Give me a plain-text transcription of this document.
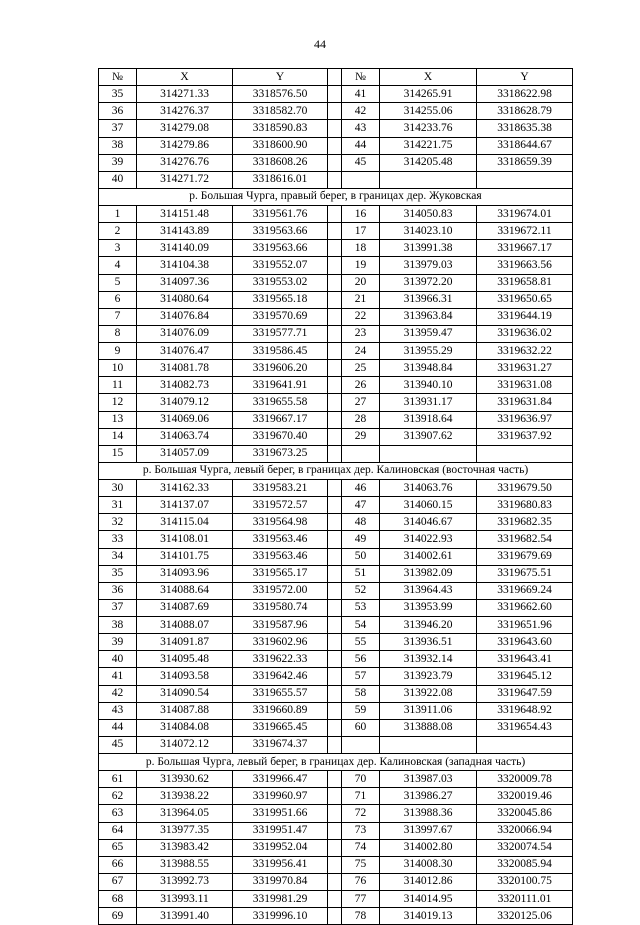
44
№	X	Y		№	X	Y
35	314271.33	3318576.50		41	314265.91	3318622.98
36	314276.37	3318582.70		42	314255.06	3318628.79
37	314279.08	3318590.83		43	314233.76	3318635.38
38	314279.86	3318600.90		44	314221.75	3318644.67
39	314276.76	3318608.26		45	314205.48	3318659.39
40	314271.72	3318616.01				
р. Большая Чурга, правый берег, в границах дер. Жуковская						
1	314151.48	3319561.76		16	314050.83	3319674.01
2	314143.89	3319563.66		17	314023.10	3319672.11
3	314140.09	3319563.66		18	313991.38	3319667.17
4	314104.38	3319552.07		19	313979.03	3319663.56
5	314097.36	3319553.02		20	313972.20	3319658.81
6	314080.64	3319565.18		21	313966.31	3319650.65
7	314076.84	3319570.69		22	313963.84	3319644.19
8	314076.09	3319577.71		23	313959.47	3319636.02
9	314076.47	3319586.45		24	313955.29	3319632.22
10	314081.78	3319606.20		25	313948.84	3319631.27
11	314082.73	3319641.91		26	313940.10	3319631.08
12	314079.12	3319655.58		27	313931.17	3319631.84
13	314069.06	3319667.17		28	313918.64	3319636.97
14	314063.74	3319670.40		29	313907.62	3319637.92
15	314057.09	3319673.25				
р. Большая Чурга, левый берег, в границах дер. Калиновская (восточная часть)						
30	314162.33	3319583.21		46	314063.76	3319679.50
31	314137.07	3319572.57		47	314060.15	3319680.83
32	314115.04	3319564.98		48	314046.67	3319682.35
33	314108.01	3319563.46		49	314022.93	3319682.54
34	314101.75	3319563.46		50	314002.61	3319679.69
35	314093.96	3319565.17		51	313982.09	3319675.51
36	314088.64	3319572.00		52	313964.43	3319669.24
37	314087.69	3319580.74		53	313953.99	3319662.60
38	314088.07	3319587.96		54	313946.20	3319651.96
39	314091.87	3319602.96		55	313936.51	3319643.60
40	314095.48	3319622.33		56	313932.14	3319643.41
41	314093.58	3319642.46		57	313923.79	3319645.12
42	314090.54	3319655.57		58	313922.08	3319647.59
43	314087.88	3319660.89		59	313911.06	3319648.92
44	314084.08	3319665.45		60	313888.08	3319654.43
45	314072.12	3319674.37				
р. Большая Чурга, левый берег, в границах дер. Калиновская (западная часть)						
61	313930.62	3319966.47		70	313987.03	3320009.78
62	313938.22	3319960.97		71	313986.27	3320019.46
63	313964.05	3319951.66		72	313988.36	3320045.86
64	313977.35	3319951.47		73	313997.67	3320066.94
65	313983.42	3319952.04		74	314002.80	3320074.54
66	313988.55	3319956.41		75	314008.30	3320085.94
67	313992.73	3319970.84		76	314012.86	3320100.75
68	313993.11	3319981.29		77	314014.95	3320111.01
69	313991.40	3319996.10		78	314019.13	3320125.06
